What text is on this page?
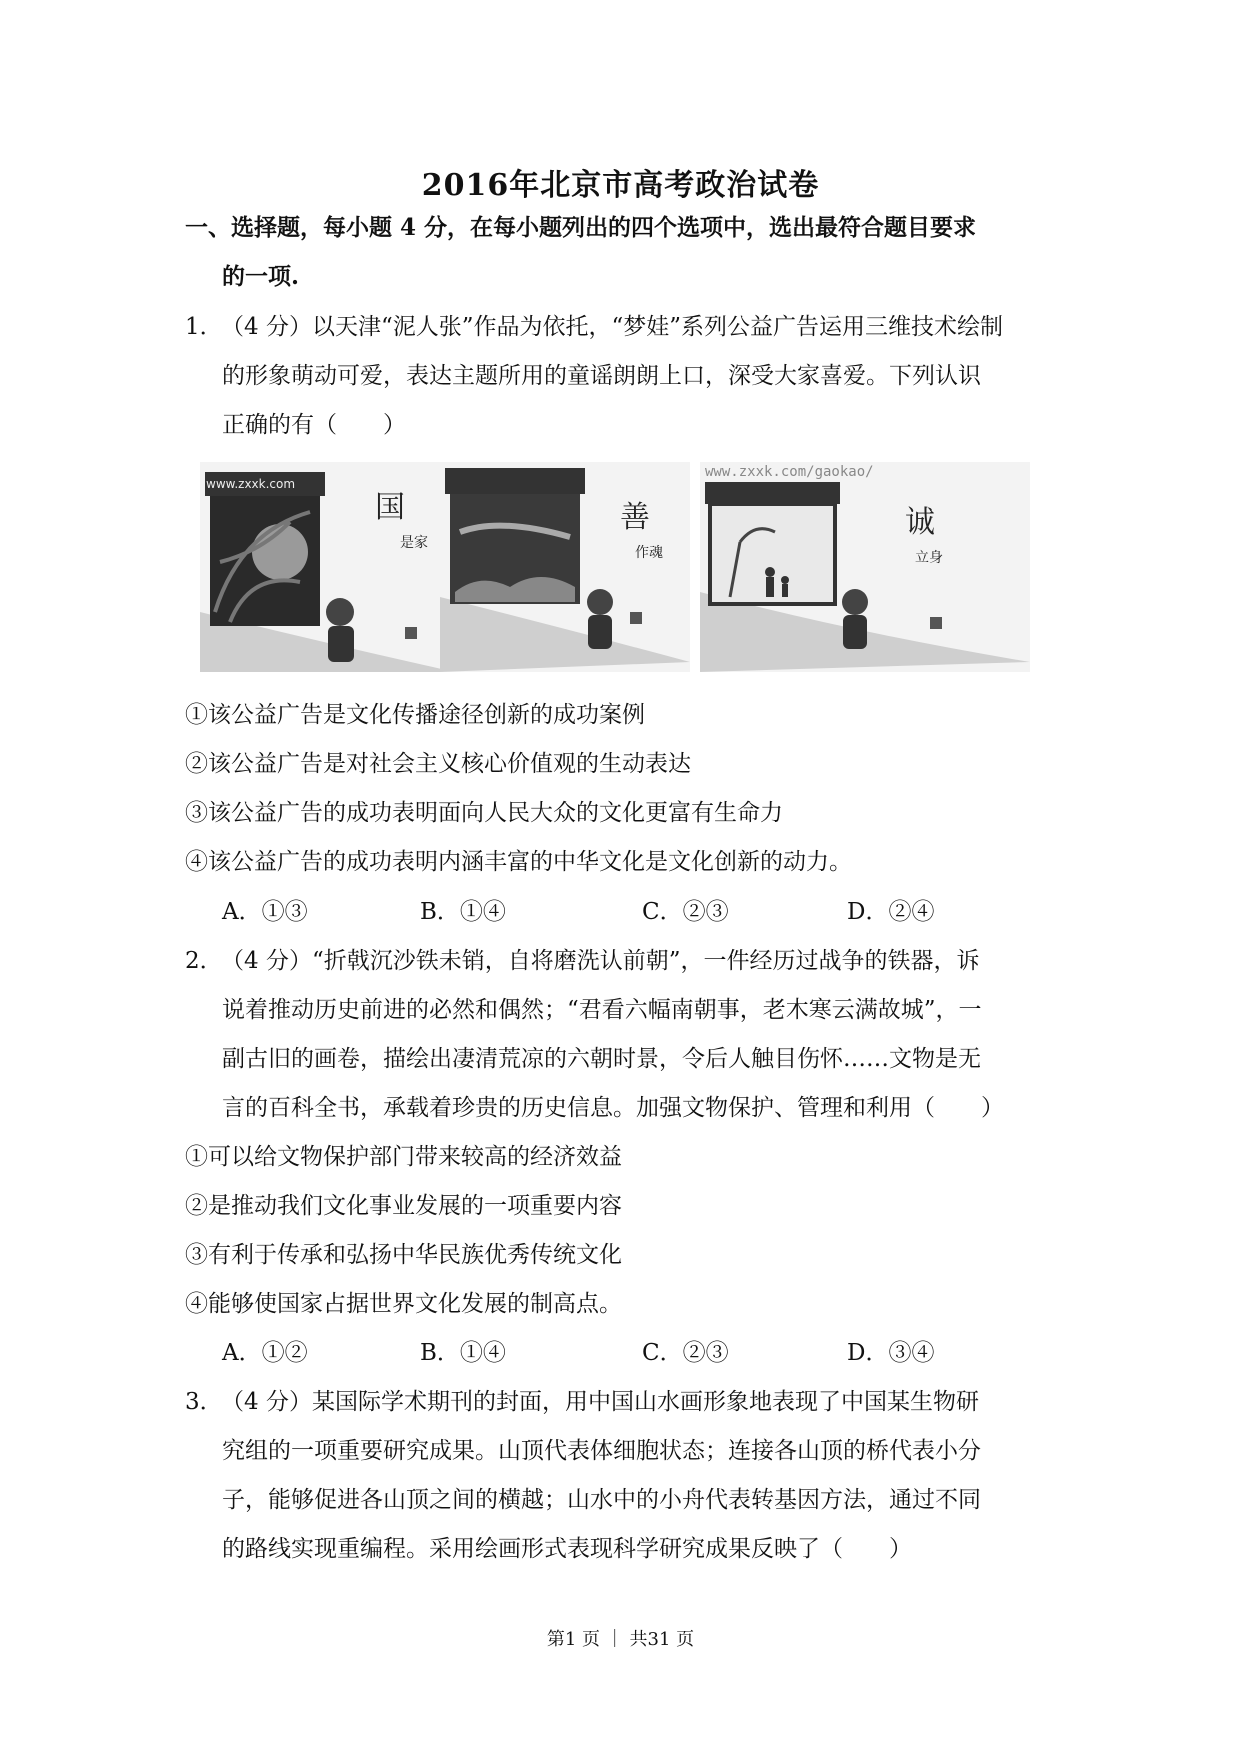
2016年北京市高考政治试卷
一、选择题，每小题 4 分，在每小题列出的四个选项中，选出最符合题目要求
的一项.
1．（4 分）以天津“泥人张”作品为依托，“梦娃”系列公益广告运用三维技术绘制
的形象萌动可爱，表达主题所用的童谣朗朗上口，深受大家喜爱。下列认识
正确的有（　　）
www.zxxk.com
国
是家
善
作魂
www.zxxk.com/gaokao/
诚
立身
①该公益广告是文化传播途径创新的成功案例
②该公益广告是对社会主义核心价值观的生动表达
③该公益广告的成功表明面向人民大众的文化更富有生命力
④该公益广告的成功表明内涵丰富的中华文化是文化创新的动力。
A．①③	B．①④	C．②③	D．②④
2．（4 分）“折戟沉沙铁未销，自将磨洗认前朝”，一件经历过战争的铁器，诉
说着推动历史前进的必然和偶然；“君看六幅南朝事，老木寒云满故城”，一
副古旧的画卷，描绘出凄清荒凉的六朝时景，令后人触目伤怀……文物是无
言的百科全书，承载着珍贵的历史信息。加强文物保护、管理和利用（　　）
①可以给文物保护部门带来较高的经济效益
②是推动我们文化事业发展的一项重要内容
③有利于传承和弘扬中华民族优秀传统文化
④能够使国家占据世界文化发展的制高点。
A．①②	B．①④	C．②③	D．③④
3．（4 分）某国际学术期刊的封面，用中国山水画形象地表现了中国某生物研
究组的一项重要研究成果。山顶代表体细胞状态；连接各山顶的桥代表小分
子，能够促进各山顶之间的横越；山水中的小舟代表转基因方法，通过不同
的路线实现重编程。采用绘画形式表现科学研究成果反映了（　　）
第1 页 ｜ 共31 页
